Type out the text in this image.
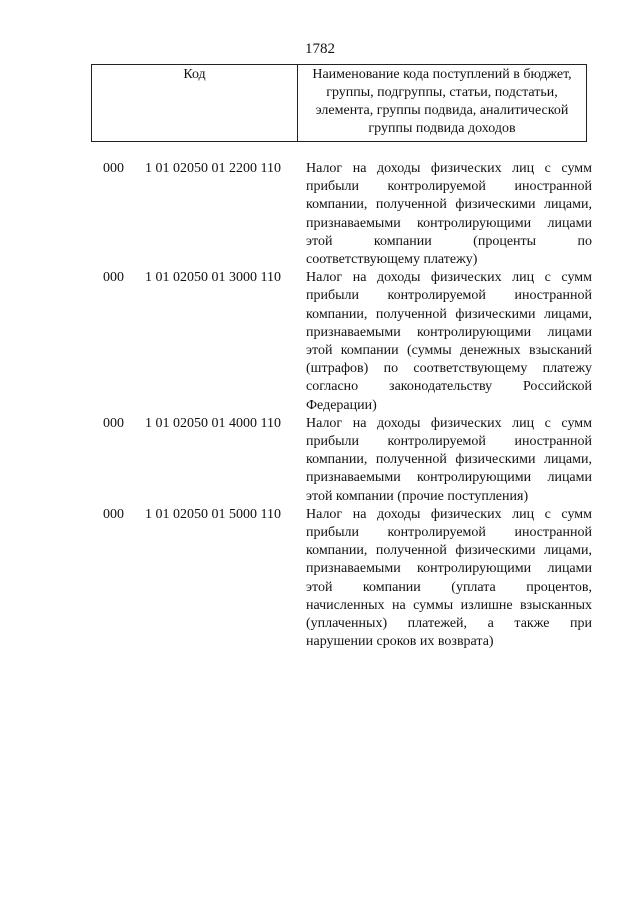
1782
Код	Наименование кода поступлений в бюджет,
группы, подгруппы, статьи, подстатьи,
элемента, группы подвида, аналитической
группы подвида доходов
000	1 01 02050 01 2200 110	Налог на доходы физических лиц с сумм
прибыли контролируемой иностранной
компании, полученной физическими лицами,
признаваемыми контролирующими лицами
этой компании (проценты по
соответствующему платежу)
000	1 01 02050 01 3000 110	Налог на доходы физических лиц с сумм
прибыли контролируемой иностранной
компании, полученной физическими лицами,
признаваемыми контролирующими лицами
этой компании (суммы денежных взысканий
(штрафов) по соответствующему платежу
согласно законодательству Российской
Федерации)
000	1 01 02050 01 4000 110	Налог на доходы физических лиц с сумм
прибыли контролируемой иностранной
компании, полученной физическими лицами,
признаваемыми контролирующими лицами
этой компании (прочие поступления)
000	1 01 02050 01 5000 110	Налог на доходы физических лиц с сумм
прибыли контролируемой иностранной
компании, полученной физическими лицами,
признаваемыми контролирующими лицами
этой компании (уплата процентов,
начисленных на суммы излишне взысканных
(уплаченных) платежей, а также при
нарушении сроков их возврата)
